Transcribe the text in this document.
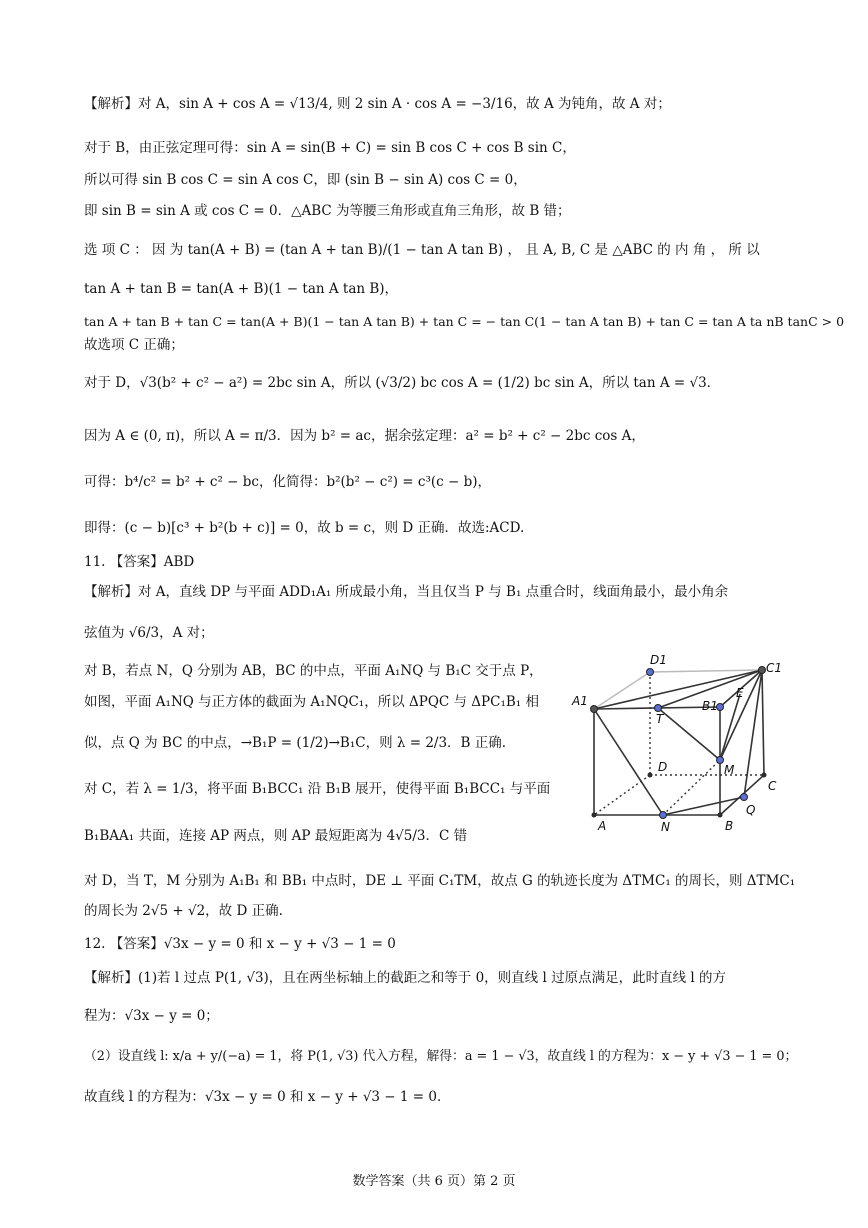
【解析】对 A，sin A + cos A = √13/4, 则 2 sin A · cos A = −3/16，故 A 为钝角，故 A 对；
对于 B，由正弦定理可得：sin A = sin(B + C) = sin B cos C + cos B sin C，
所以可得 sin B cos C = sin A cos C，即 (sin B − sin A) cos C = 0，
即 sin B = sin A 或 cos C = 0．△ABC 为等腰三角形或直角三角形，故 B 错；
选 项 C ： 因 为 tan(A + B) = (tan A + tan B)/(1 − tan A tan B) ， 且 A, B, C 是 △ABC 的 内 角 ， 所 以
tan A + tan B = tan(A + B)(1 − tan A tan B)，
tan A + tan B + tan C = tan(A + B)(1 − tan A tan B) + tan C = − tan C(1 − tan A tan B) + tan C = tan A ta nB tanC > 0
故选项 C 正确；
对于 D，√3(b² + c² − a²) = 2bc sin A，所以 (√3/2) bc cos A = (1/2) bc sin A，所以 tan A = √3．
因为 A ∈ (0, π)，所以 A = π/3．因为 b² = ac，据余弦定理：a² = b² + c² − 2bc cos A，
可得：b⁴/c² = b² + c² − bc，化简得：b²(b² − c²) = c³(c − b)，
即得：(c − b)[c³ + b²(b + c)] = 0，故 b = c，则 D 正确．故选:ACD.
11. 【答案】ABD
【解析】对 A，直线 DP 与平面 ADD₁A₁ 所成最小角，当且仅当 P 与 B₁ 点重合时，线面角最小，最小角余
弦值为 √6/3，A 对；
对 B，若点 N，Q 分别为 AB，BC 的中点，平面 A₁NQ 与 B₁C 交于点 P，
如图，平面 A₁NQ 与正方体的截面为 A₁NQC₁，所以 ΔPQC 与 ΔPC₁B₁ 相
似，点 Q 为 BC 的中点，→B₁P = (1/2)→B₁C，则 λ = 2/3．B 正确.
对 C，若 λ = 1/3，将平面 B₁BCC₁ 沿 B₁B 展开，使得平面 B₁BCC₁ 与平面
B₁BAA₁ 共面，连接 AP 两点，则 AP 最短距离为 4√5/3．C 错
对 D，当 T，M 分别为 A₁B₁ 和 BB₁ 中点时，DE ⊥ 平面 C₁TM，故点 G 的轨迹长度为 ΔTMC₁ 的周长，则 ΔTMC₁
的周长为 2√5 + √2，故 D 正确.
12. 【答案】√3x − y = 0 和 x − y + √3 − 1 = 0
【解析】(1)若 l 过点 P(1, √3)，且在两坐标轴上的截距之和等于 0，则直线 l 过原点满足，此时直线 l 的方
程为：√3x − y = 0；
（2）设直线 l: x/a + y/(−a) = 1，将 P(1, √3) 代入方程，解得：a = 1 − √3，故直线 l 的方程为：x − y + √3 − 1 = 0；
故直线 l 的方程为：√3x − y = 0 和 x − y + √3 − 1 = 0．
D1
C1
A1	B1
E
T
M
D
C
Q
A	N	B
数学答案（共 6 页）第 2 页
